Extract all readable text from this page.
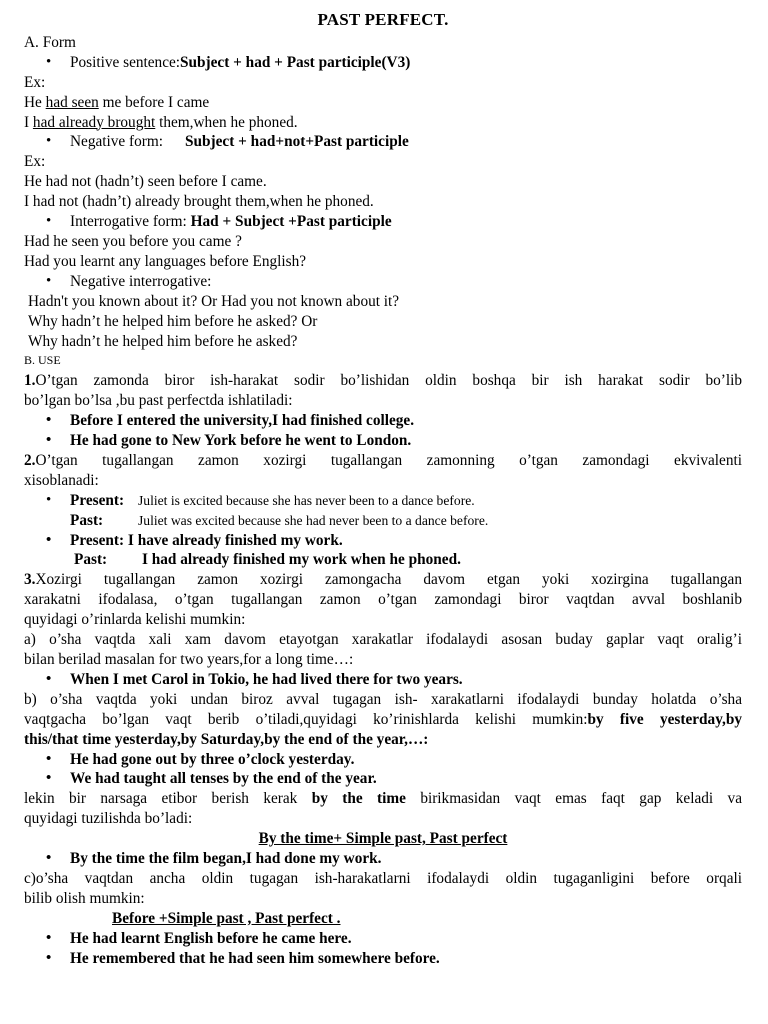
PAST PERFECT.
A. Form
• Positive sentence:Subject + had + Past participle(V3)
Ex:
He had seen me before I came
I had already brought them,when he phoned.
• Negative form: Subject + had+not+Past participle
Ex:
He had not (hadn’t) seen before I came.
I had not (hadn’t) already brought them,when he phoned.
• Interrogative form: Had + Subject +Past participle
Had he seen you before you came ?
Had you learnt any languages before English?
• Negative interrogative:
Hadn't you known about it? Or Had you not known about it?
Why hadn’t he helped him before he asked? Or
Why hadn’t he helped him before he asked?
B. USE
1.O’tgan zamonda biror ish-harakat sodir bo’lishidan oldin boshqa bir ish harakat sodir bo’lib
bo’lgan bo’lsa ,bu past perfectda ishlatiladi:
• Before I entered the university,I had finished college.
• He had gone to New York before he went to London.
2.O’tgan tugallangan zamon xozirgi tugallangan zamonning o’tgan zamondagi ekvivalenti
xisoblanadi:
• Present: Juliet is excited because she has never been to a dance before.
Past:	Juliet was excited because she had never been to a dance before.
• Present: I have already finished my work.
Past: I had already finished my work when he phoned.
3.Xozirgi tugallangan zamon xozirgi zamongacha davom etgan yoki xozirgina tugallangan
xarakatni ifodalasa, o’tgan tugallangan zamon o’tgan zamondagi biror vaqtdan avval boshlanib
quyidagi o’rinlarda kelishi mumkin:
a) o’sha vaqtda xali xam davom etayotgan xarakatlar ifodalaydi asosan buday gaplar vaqt oralig’i
bilan berilad masalan for two years,for a long time…:
• When I met Carol in Tokio, he had lived there for two years.
b) o’sha vaqtda yoki undan biroz avval tugagan ish- xarakatlarni ifodalaydi bunday holatda o’sha
vaqtgacha bo’lgan vaqt berib o’tiladi,quyidagi ko’rinishlarda kelishi mumkin:by five yesterday,by
this/that time yesterday,by Saturday,by the end of the year,…:
• He had gone out by three o’clock yesterday.
• We had taught all tenses by the end of the year.
lekin bir narsaga etibor berish kerak by the time birikmasidan vaqt emas faqt gap keladi va
quyidagi tuzilishda bo’ladi:
By the time+ Simple past, Past perfect
• By the time the film began,I had done my work.
c)o’sha vaqtdan ancha oldin tugagan ish-harakatlarni ifodalaydi oldin tugaganligini before orqali
bilib olish mumkin:
Before +Simple past , Past perfect .
• He had learnt English before he came here.
• He remembered that he had seen him somewhere before.
